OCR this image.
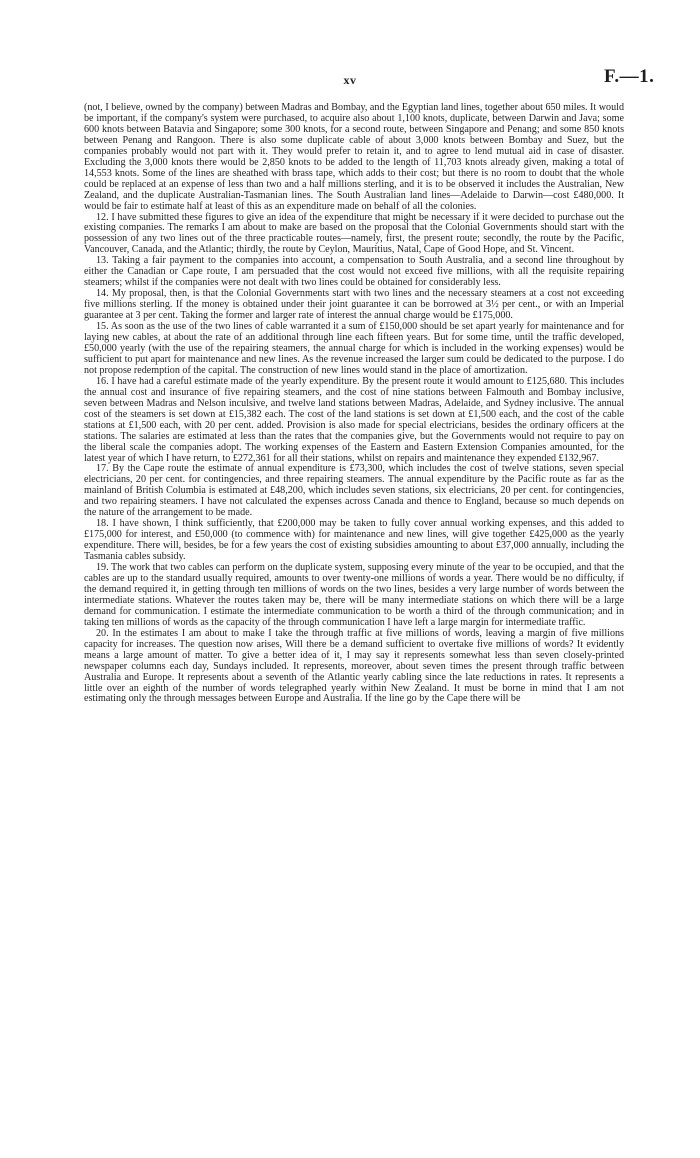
xv	F.—1.

(not, I believe, owned by the company) between Madras and Bombay, and the Egyptian land lines, together about 650 miles. It would be important, if the company's system were purchased, to acquire also about 1,100 knots, duplicate, between Darwin and Java; some 600 knots between Batavia and Singapore; some 300 knots, for a second route, between Singapore and Penang; and some 850 knots between Penang and Rangoon. There is also some duplicate cable of about 3,000 knots between Bombay and Suez, but the companies probably would not part with it. They would prefer to retain it, and to agree to lend mutual aid in case of disaster. Excluding the 3,000 knots there would be 2,850 knots to be added to the length of 11,703 knots already given, making a total of 14,553 knots. Some of the lines are sheathed with brass tape, which adds to their cost; but there is no room to doubt that the whole could be replaced at an expense of less than two and a half millions sterling, and it is to be observed it includes the Australian, New Zealand, and the duplicate Australian-Tasmanian lines. The South Australian land lines—Adelaide to Darwin—cost £480,000. It would be fair to estimate half at least of this as an expenditure made on behalf of all the colonies.

12. I have submitted these figures to give an idea of the expenditure that might be necessary if it were decided to purchase out the existing companies. The remarks I am about to make are based on the proposal that the Colonial Governments should start with the possession of any two lines out of the three practicable routes—namely, first, the present route; secondly, the route by the Pacific, Vancouver, Canada, and the Atlantic; thirdly, the route by Ceylon, Mauritius, Natal, Cape of Good Hope, and St. Vincent.

13. Taking a fair payment to the companies into account, a compensation to South Australia, and a second line throughout by either the Canadian or Cape route, I am persuaded that the cost would not exceed five millions, with all the requisite repairing steamers; whilst if the companies were not dealt with two lines could be obtained for considerably less.

14. My proposal, then, is that the Colonial Governments start with two lines and the necessary steamers at a cost not exceeding five millions sterling. If the money is obtained under their joint guarantee it can be borrowed at 3½ per cent., or with an Imperial guarantee at 3 per cent. Taking the former and larger rate of interest the annual charge would be £175,000.

15. As soon as the use of the two lines of cable warranted it a sum of £150,000 should be set apart yearly for maintenance and for laying new cables, at about the rate of an additional through line each fifteen years. But for some time, until the traffic developed, £50,000 yearly (with the use of the repairing steamers, the annual charge for which is included in the working expenses) would be sufficient to put apart for maintenance and new lines. As the revenue increased the larger sum could be dedicated to the purpose. I do not propose redemption of the capital. The construction of new lines would stand in the place of amortization.

16. I have had a careful estimate made of the yearly expenditure. By the present route it would amount to £125,680. This includes the annual cost and insurance of five repairing steamers, and the cost of nine stations between Falmouth and Bombay inclusive, seven between Madras and Nelson inculsive, and twelve land stations between Madras, Adelaide, and Sydney inclusive. The annual cost of the steamers is set down at £15,382 each. The cost of the land stations is set down at £1,500 each, and the cost of the cable stations at £1,500 each, with 20 per cent. added. Provision is also made for special electricians, besides the ordinary officers at the stations. The salaries are estimated at less than the rates that the companies give, but the Governments would not require to pay on the liberal scale the companies adopt. The working expenses of the Eastern and Eastern Extension Companies amounted, for the latest year of which I have return, to £272,361 for all their stations, whilst on repairs and maintenance they expended £132,967.

17. By the Cape route the estimate of annual expenditure is £73,300, which includes the cost of twelve stations, seven special electricians, 20 per cent. for contingencies, and three repairing steamers. The annual expenditure by the Pacific route as far as the mainland of British Columbia is estimated at £48,200, which includes seven stations, six electricians, 20 per cent. for contingencies, and two repairing steamers. I have not calculated the expenses across Canada and thence to England, because so much depends on the nature of the arrangement to be made.

18. I have shown, I think sufficiently, that £200,000 may be taken to fully cover annual working expenses, and this added to £175,000 for interest, and £50,000 (to commence with) for maintenance and new lines, will give together £425,000 as the yearly expenditure. There will, besides, be for a few years the cost of existing subsidies amounting to about £37,000 annually, including the Tasmania cables subsidy.

19. The work that two cables can perform on the duplicate system, supposing every minute of the year to be occupied, and that the cables are up to the standard usually required, amounts to over twenty-one millions of words a year. There would be no difficulty, if the demand required it, in getting through ten millions of words on the two lines, besides a very large number of words between the intermediate stations. Whatever the routes taken may be, there will be many intermediate stations on which there will be a large demand for communication. I estimate the intermediate communication to be worth a third of the through communication; and in taking ten millions of words as the capacity of the through communication I have left a large margin for intermediate traffic.

20. In the estimates I am about to make I take the through traffic at five millions of words, leaving a margin of five millions capacity for increases. The question now arises, Will there be a demand sufficient to overtake five millions of words? It evidently means a large amount of matter. To give a better idea of it, I may say it represents somewhat less than seven closely-printed newspaper columns each day, Sundays included. It represents, moreover, about seven times the present through traffic between Australia and Europe. It represents about a seventh of the Atlantic yearly cabling since the late reductions in rates. It represents a little over an eighth of the number of words telegraphed yearly within New Zealand. It must be borne in mind that I am not estimating only the through messages between Europe and Australia. If the line go by the Cape there will be
